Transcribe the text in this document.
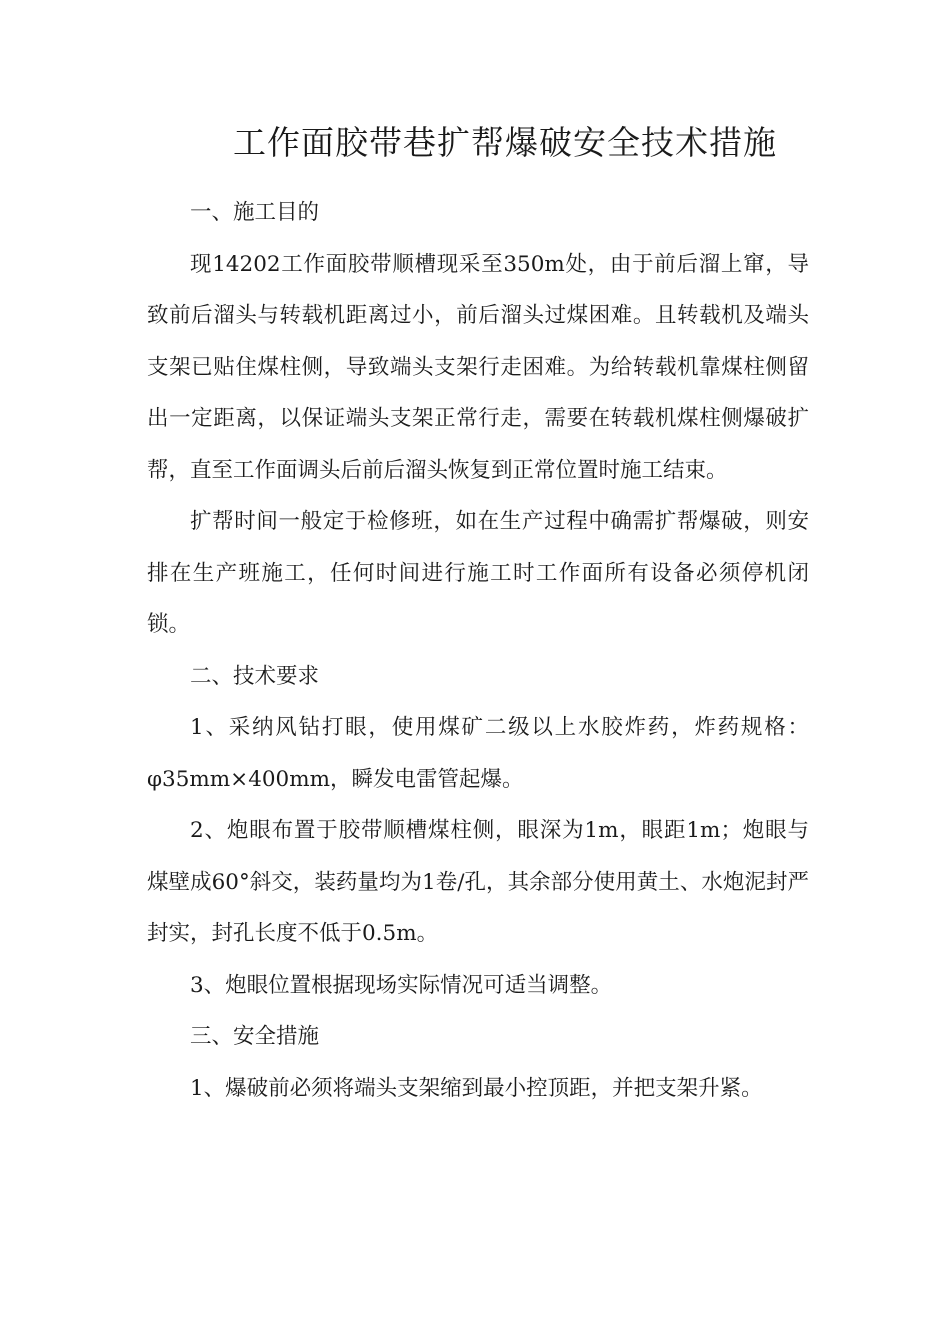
工作面胶带巷扩帮爆破安全技术措施

一、施工目的

现14202工作面胶带顺槽现采至350m处，由于前后溜上窜，导致前后溜头与转载机距离过小，前后溜头过煤困难。且转载机及端头支架已贴住煤柱侧，导致端头支架行走困难。为给转载机靠煤柱侧留出一定距离，以保证端头支架正常行走，需要在转载机煤柱侧爆破扩帮，直至工作面调头后前后溜头恢复到正常位置时施工结束。

扩帮时间一般定于检修班，如在生产过程中确需扩帮爆破，则安排在生产班施工，任何时间进行施工时工作面所有设备必须停机闭锁。

二、技术要求

1、采纳风钻打眼，使用煤矿二级以上水胶炸药，炸药规格：φ35mm×400mm，瞬发电雷管起爆。

2、炮眼布置于胶带顺槽煤柱侧，眼深为1m，眼距1m；炮眼与煤壁成60°斜交，装药量均为1卷/孔，其余部分使用黄土、水炮泥封严封实，封孔长度不低于0.5m。

3、炮眼位置根据现场实际情况可适当调整。

三、安全措施

1、爆破前必须将端头支架缩到最小控顶距，并把支架升紧。
